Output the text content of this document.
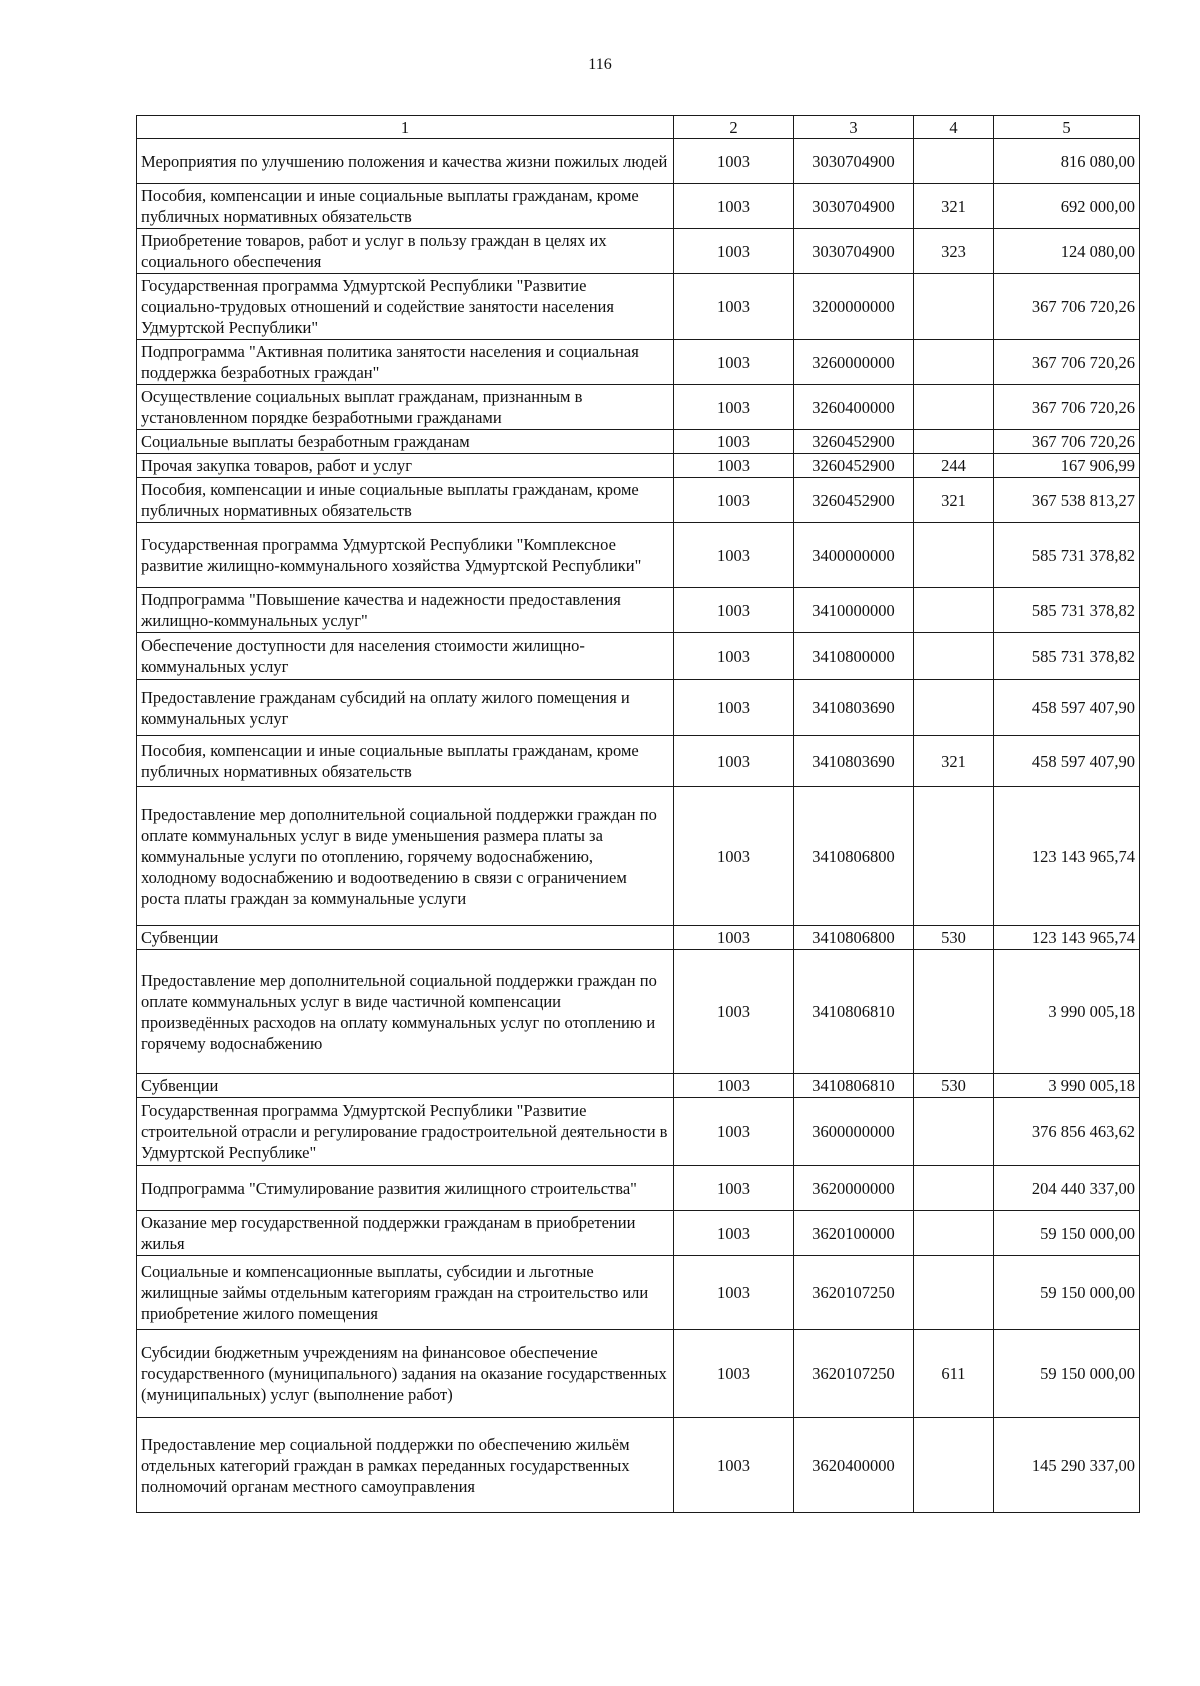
116
1	2	3	4	5
Мероприятия по улучшению положения и качества жизни пожилых людей	1003	3030704900		816 080,00
Пособия, компенсации и иные социальные выплаты гражданам, кроме публичных нормативных обязательств	1003	3030704900	321	692 000,00
Приобретение товаров, работ и услуг в пользу граждан в целях их социального обеспечения	1003	3030704900	323	124 080,00
Государственная программа Удмуртской Республики "Развитие социально-трудовых отношений и содействие занятости населения Удмуртской Республики"	1003	3200000000		367 706 720,26
Подпрограмма "Активная политика занятости населения и социальная поддержка безработных граждан"	1003	3260000000		367 706 720,26
Осуществление социальных выплат гражданам, признанным в установленном порядке безработными гражданами	1003	3260400000		367 706 720,26
Социальные выплаты безработным гражданам	1003	3260452900		367 706 720,26
Прочая закупка товаров, работ и услуг	1003	3260452900	244	167 906,99
Пособия, компенсации и иные социальные выплаты гражданам, кроме публичных нормативных обязательств	1003	3260452900	321	367 538 813,27
Государственная программа Удмуртской Республики "Комплексное развитие жилищно-коммунального хозяйства Удмуртской Республики"	1003	3400000000		585 731 378,82
Подпрограмма "Повышение качества и надежности предоставления жилищно-коммунальных услуг"	1003	3410000000		585 731 378,82
Обеспечение доступности для населения стоимости жилищно-коммунальных услуг	1003	3410800000		585 731 378,82
Предоставление гражданам субсидий на оплату жилого помещения и коммунальных услуг	1003	3410803690		458 597 407,90
Пособия, компенсации и иные социальные выплаты гражданам, кроме публичных нормативных обязательств	1003	3410803690	321	458 597 407,90
Предоставление мер дополнительной социальной поддержки граждан по оплате коммунальных услуг в виде уменьшения размера платы за коммунальные услуги по отоплению, горячему водоснабжению, холодному водоснабжению и водоотведению в связи с ограничением роста платы граждан за коммунальные услуги	1003	3410806800		123 143 965,74
Субвенции	1003	3410806800	530	123 143 965,74
Предоставление мер дополнительной социальной поддержки граждан по оплате коммунальных услуг в виде частичной компенсации произведённых расходов на оплату коммунальных услуг по отоплению и горячему водоснабжению	1003	3410806810		3 990 005,18
Субвенции	1003	3410806810	530	3 990 005,18
Государственная программа Удмуртской Республики "Развитие строительной отрасли и регулирование градостроительной деятельности в Удмуртской Республике"	1003	3600000000		376 856 463,62
Подпрограмма "Стимулирование развития жилищного строительства"	1003	3620000000		204 440 337,00
Оказание мер государственной поддержки гражданам в приобретении жилья	1003	3620100000		59 150 000,00
Социальные и компенсационные выплаты, субсидии и льготные жилищные займы отдельным категориям граждан на строительство или приобретение жилого помещения	1003	3620107250		59 150 000,00
Субсидии бюджетным учреждениям на финансовое обеспечение государственного (муниципального) задания на оказание государственных (муниципальных) услуг (выполнение работ)	1003	3620107250	611	59 150 000,00
Предоставление мер социальной поддержки по обеспечению жильём отдельных категорий граждан в рамках переданных государственных полномочий органам местного самоуправления	1003	3620400000		145 290 337,00
